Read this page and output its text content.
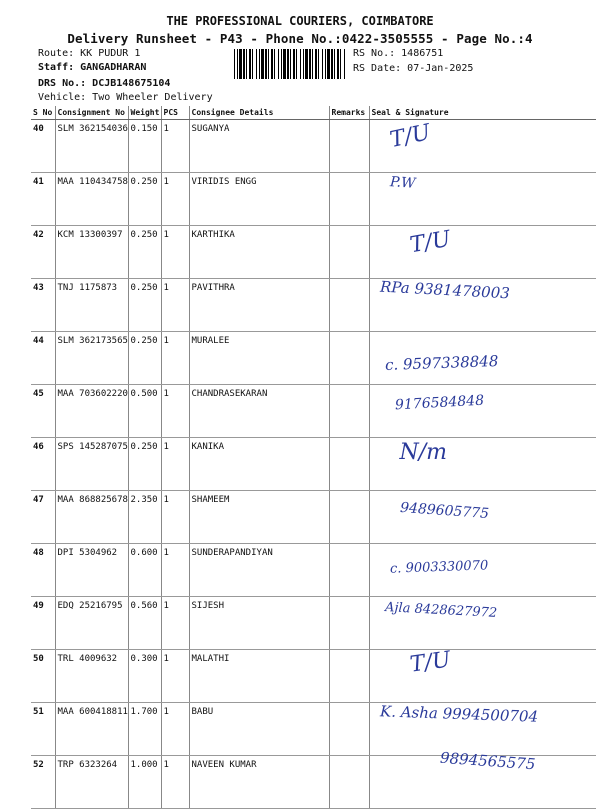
THE PROFESSIONAL COURIERS, COIMBATORE
Delivery Runsheet - P43 - Phone No.:0422-3505555 - Page No.:4
Route: KK PUDUR 1
Staff: GANGADHARAN
DRS No.: DCJB148675104
Vehicle: Two Wheeler Delivery
RS No.: 1486751
RS Date: 07-Jan-2025
S No	Consignment No	Weight	PCS	Consignee Details	Remarks	Seal & Signature
40	SLM 362154036	0.150	1	SUGANYA		T/U

41	MAA 110434758	0.250	1	VIRIDIS ENGG		P.W

42	KCM 13300397	0.250	1	KARTHIKA		T/U

43	TNJ 1175873	0.250	1	PAVITHRA		RPa 9381478003

44	SLM 362173565	0.250	1	MURALEE		c. 9597338848

45	MAA 703602220	0.500	1	CHANDRASEKARAN		9176584848

46	SPS 145287075	0.250	1	KANIKA		N/m

47	MAA 868825678	2.350	1	SHAMEEM		9489605775

48	DPI 5304962	0.600	1	SUNDERAPANDIYAN		c. 9003330070

49	EDQ 25216795	0.560	1	SIJESH		Ajla 8428627972

50	TRL 4009632	0.300	1	MALATHI		T/U

51	MAA 600418811	1.700	1	BABU		K. Asha 9994500704

52	TRP 6323264	1.000	1	NAVEEN KUMAR		9894565575
